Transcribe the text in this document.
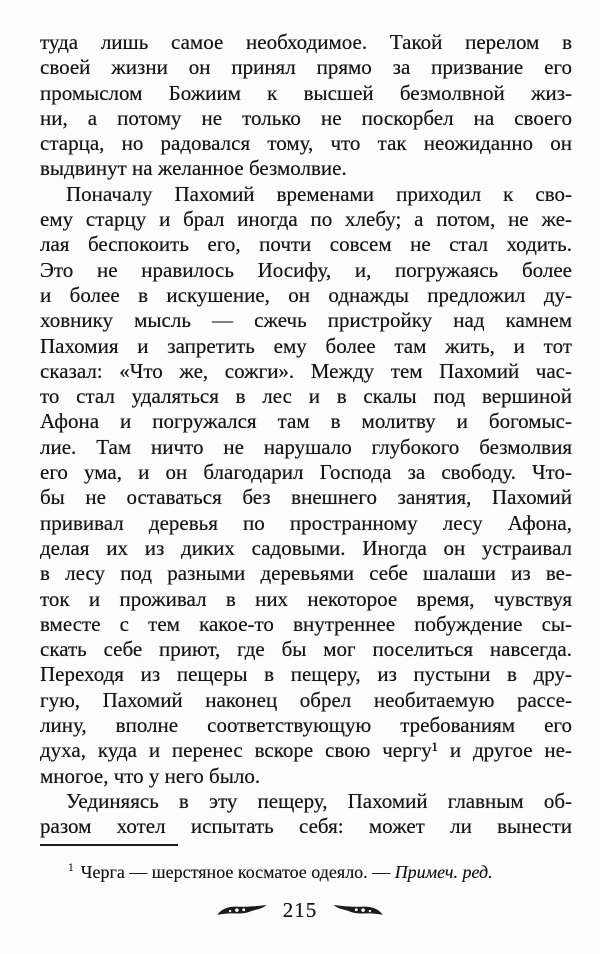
туда лишь самое необходимое. Такой перелом в
своей жизни он принял прямо за призвание его
промыслом Божиим к высшей безмолвной жиз-
ни, а потому не только не поскорбел на своего
старца, но радовался тому, что так неожиданно он
выдвинут на желанное безмолвие.
Поначалу Пахомий временами приходил к сво-
ему старцу и брал иногда по хлебу; а потом, не же-
лая беспокоить его, почти совсем не стал ходить.
Это не нравилось Иосифу, и, погружаясь более
и более в искушение, он однажды предложил ду-
ховнику мысль — сжечь пристройку над камнем
Пахомия и запретить ему более там жить, и тот
сказал: «Что же, сожги». Между тем Пахомий час-
то стал удаляться в лес и в скалы под вершиной
Афона и погружался там в молитву и богомыс-
лие. Там ничто не нарушало глубокого безмолвия
его ума, и он благодарил Господа за свободу. Что-
бы не оставаться без внешнего занятия, Пахомий
прививал деревья по пространному лесу Афона,
делая их из диких садовыми. Иногда он устраивал
в лесу под разными деревьями себе шалаши из ве-
ток и проживал в них некоторое время, чувствуя
вместе с тем какое-то внутреннее побуждение сы-
скать себе приют, где бы мог поселиться навсегда.
Переходя из пещеры в пещеру, из пустыни в дру-
гую, Пахомий наконец обрел необитаемую рассе-
лину, вполне соответствующую требованиям его
духа, куда и перенес вскоре свою чергу¹ и другое не-
многое, что у него было.
Уединяясь в эту пещеру, Пахомий главным об-
разом хотел испытать себя: может ли вынести
$^1$ Черга — шерстяное косматое одеяло. — Примеч. ред.
215
